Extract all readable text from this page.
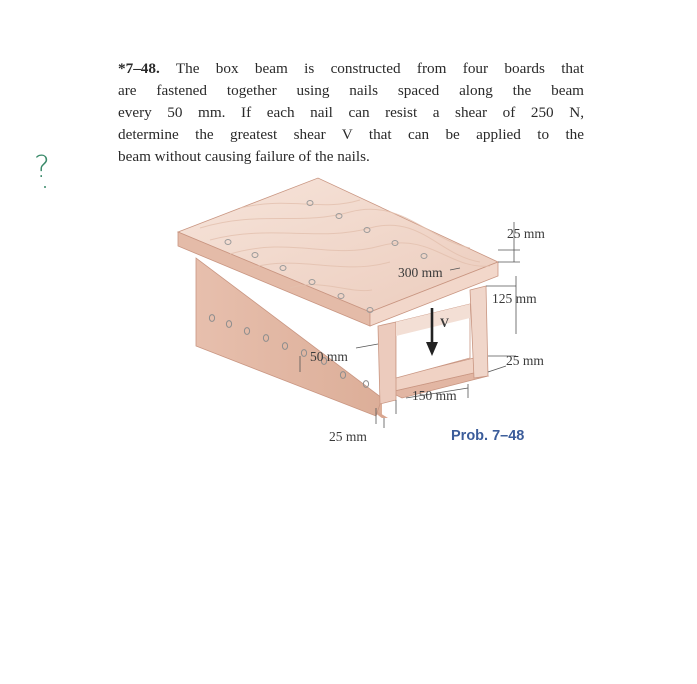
?
*7–48. The box beam is constructed from four boards that
are fastened together using nails spaced along the beam
every 50 mm. If each nail can resist a shear of 250 N,
determine the greatest shear V that can be applied to the
beam without causing failure of the nails.
V
25 mm
300 mm
125 mm
25 mm
50 mm
150 mm
25 mm	Prob. 7–48
